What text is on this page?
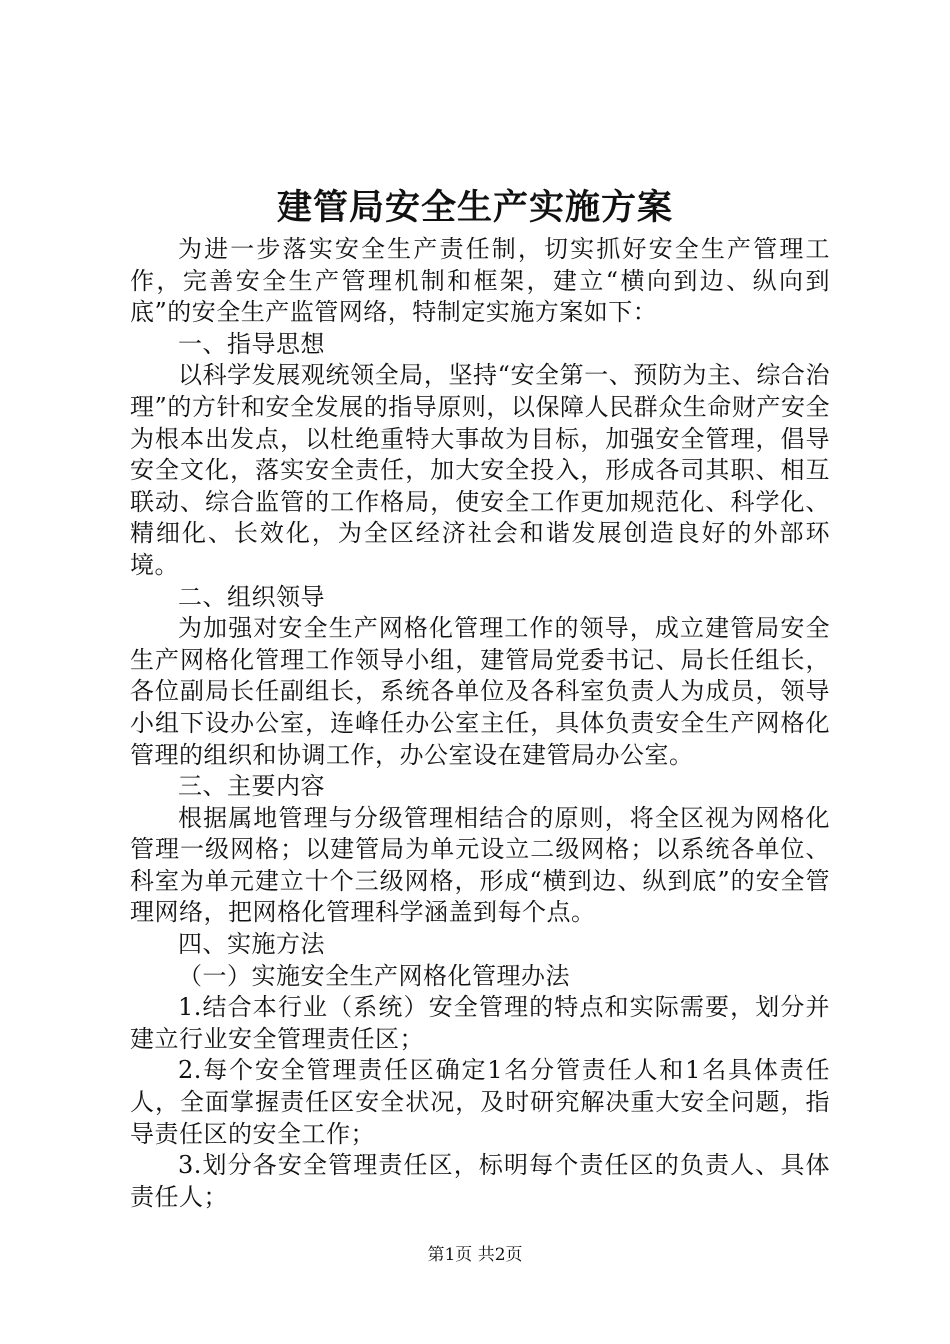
建管局安全生产实施方案

为进一步落实安全生产责任制，切实抓好安全生产管理工作，完善安全生产管理机制和框架，建立“横向到边、纵向到底”的安全生产监管网络，特制定实施方案如下：

一、指导思想

以科学发展观统领全局，坚持“安全第一、预防为主、综合治理”的方针和安全发展的指导原则，以保障人民群众生命财产安全为根本出发点，以杜绝重特大事故为目标，加强安全管理，倡导安全文化，落实安全责任，加大安全投入，形成各司其职、相互联动、综合监管的工作格局，使安全工作更加规范化、科学化、精细化、长效化，为全区经济社会和谐发展创造良好的外部环境。

二、组织领导

为加强对安全生产网格化管理工作的领导，成立建管局安全生产网格化管理工作领导小组，建管局党委书记、局长任组长，各位副局长任副组长，系统各单位及各科室负责人为成员，领导小组下设办公室，连峰任办公室主任，具体负责安全生产网格化管理的组织和协调工作，办公室设在建管局办公室。

三、主要内容

根据属地管理与分级管理相结合的原则，将全区视为网格化管理一级网格；以建管局为单元设立二级网格；以系统各单位、科室为单元建立十个三级网格，形成“横到边、纵到底”的安全管理网络，把网格化管理科学涵盖到每个点。

四、实施方法

（一）实施安全生产网格化管理办法

1.结合本行业（系统）安全管理的特点和实际需要，划分并建立行业安全管理责任区；

2.每个安全管理责任区确定1名分管责任人和1名具体责任人，全面掌握责任区安全状况，及时研究解决重大安全问题，指导责任区的安全工作；

3.划分各安全管理责任区，标明每个责任区的负责人、具体责任人；

第1页 共2页
